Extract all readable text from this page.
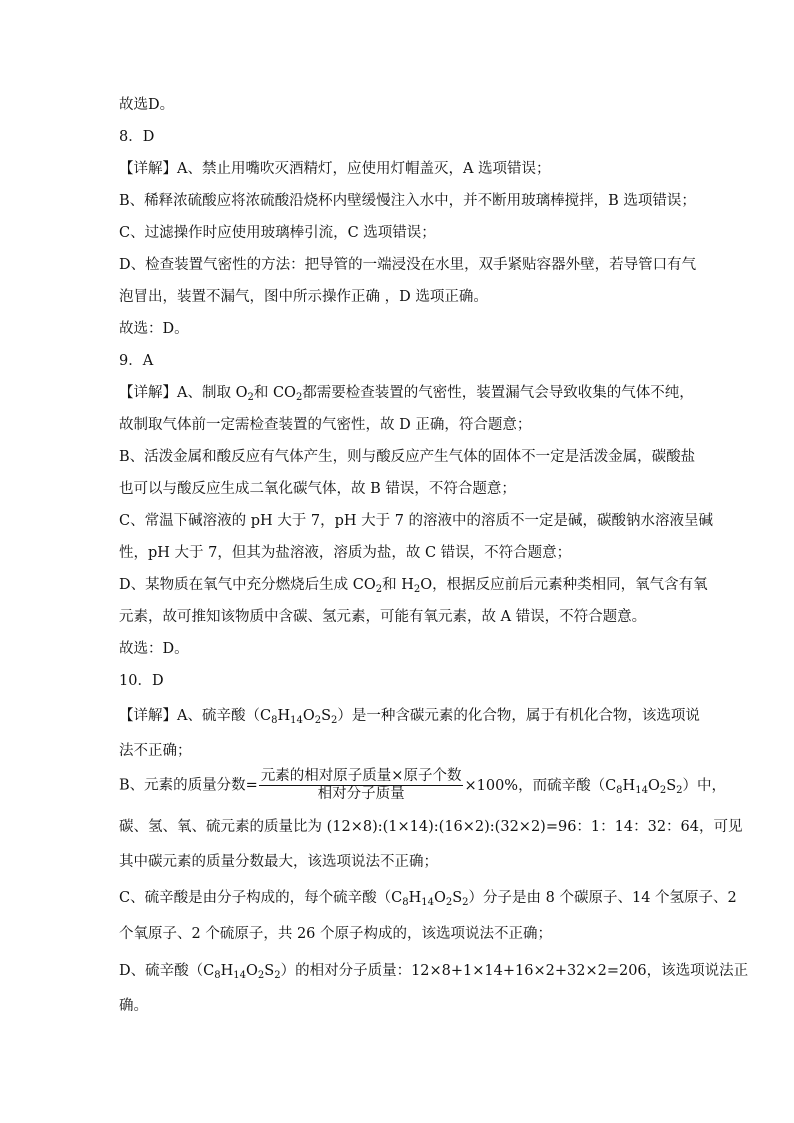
故选D。
8．D
【详解】A、禁止用嘴吹灭酒精灯，应使用灯帽盖灭，A 选项错误；
B、稀释浓硫酸应将浓硫酸沿烧杯内壁缓慢注入水中，并不断用玻璃棒搅拌，B 选项错误；
C、过滤操作时应使用玻璃棒引流，C 选项错误；
D、检查装置气密性的方法：把导管的一端浸没在水里，双手紧贴容器外壁，若导管口有气
泡冒出，装置不漏气，图中所示操作正确 ，D 选项正确。
故选：D。
9．A
【详解】A、制取 $O_2$和 $CO_2$都需要检查装置的气密性，装置漏气会导致收集的气体不纯，
故制取气体前一定需检查装置的气密性，故 D 正确，符合题意；
B、活泼金属和酸反应有气体产生，则与酸反应产生气体的固体不一定是活泼金属，碳酸盐
也可以与酸反应生成二氧化碳气体，故 B 错误，不符合题意；
C、常温下碱溶液的 pH 大于 7，pH 大于 7 的溶液中的溶质不一定是碱，碳酸钠水溶液呈碱
性，pH 大于 7，但其为盐溶液，溶质为盐，故 C 错误，不符合题意；
D、某物质在氧气中充分燃烧后生成 $CO_2$和 $H_2O$，根据反应前后元素种类相同，氧气含有氧
元素，故可推知该物质中含碳、氢元素，可能有氧元素，故 A 错误，不符合题意。
故选：D。
10．D
【详解】A、硫辛酸$(C_8H_{14}O_2S_2)$是一种含碳元素的化合物，属于有机化合物，该选项说
法不正确；
B、元素的质量分数= $\frac{\text{元素的相对原子质量×原子个数}}{\text{相对分子质量}} \times 100\%$，而硫辛酸$(C_8H_{14}O_2S_2)$中，
碳、氢、氧、硫元素的质量比为 (12×8):(1×14):(16×2):(32×2)=96：1：14：32：64，可见
其中碳元素的质量分数最大，该选项说法不正确；
C、硫辛酸是由分子构成的，每个硫辛酸$(C_8H_{14}O_2S_2)$分子是由 8 个碳原子、14 个氢原子、2
个氧原子、2 个硫原子，共 26 个原子构成的，该选项说法不正确；
D、硫辛酸$(C_8H_{14}O_2S_2)$的相对分子质量：12×8+1×14+16×2+32×2=206，该选项说法正
确。
